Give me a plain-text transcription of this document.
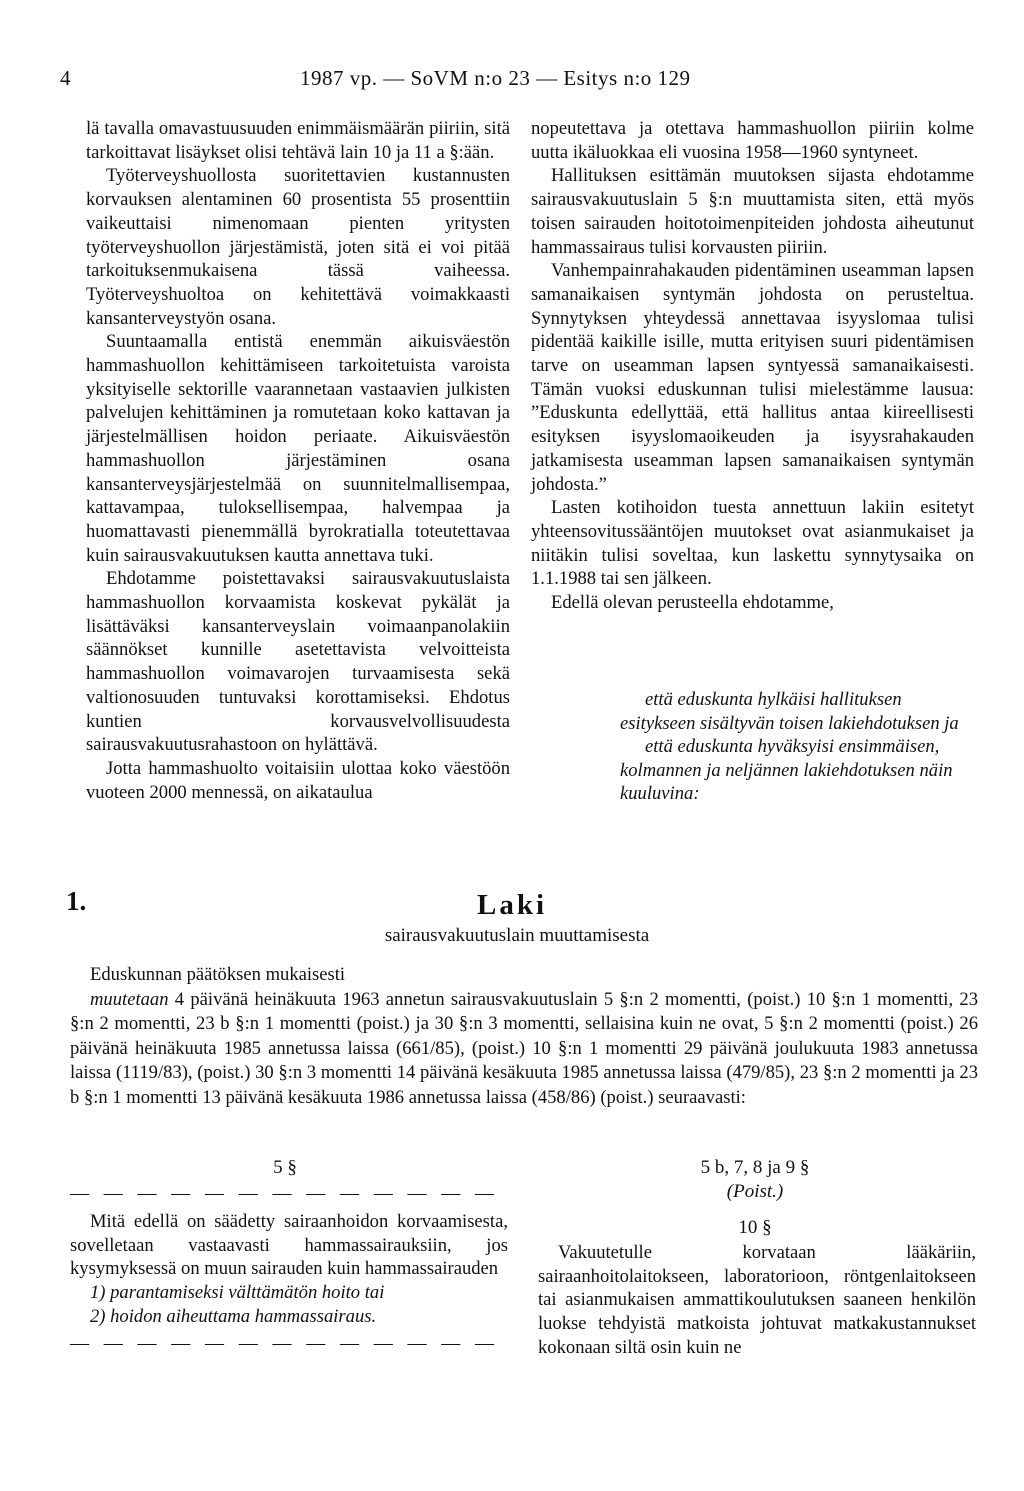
4	1987 vp. — SoVM n:o 23 — Esitys n:o 129

lä tavalla omavastuusuuden enimmäismäärän piiriin, sitä tarkoittavat lisäykset olisi tehtävä lain 10 ja 11 a §:ään.

Työterveyshuollosta suoritettavien kustannusten korvauksen alentaminen 60 prosentista 55 prosenttiin vaikeuttaisi nimenomaan pienten yritysten työterveyshuollon järjestämistä, joten sitä ei voi pitää tarkoituksenmukaisena tässä vaiheessa. Työterveyshuoltoa on kehitettävä voimakkaasti kansanterveystyön osana.

Suuntaamalla entistä enemmän aikuisväestön hammashuollon kehittämiseen tarkoitetuista varoista yksityiselle sektorille vaarannetaan vastaavien julkisten palvelujen kehittäminen ja romutetaan koko kattavan ja järjestelmällisen hoidon periaate. Aikuisväestön hammashuollon järjestäminen osana kansanterveysjärjestelmää on suunnitelmallisempaa, kattavampaa, tuloksellisempaa, halvempaa ja huomattavasti pienemmällä byrokratialla toteutettavaa kuin sairausvakuutuksen kautta annettava tuki.

Ehdotamme poistettavaksi sairausvakuutuslaista hammashuollon korvaamista koskevat pykälät ja lisättäväksi kansanterveyslain voimaanpanolakiin säännökset kunnille asetettavista velvoitteista hammashuollon voimavarojen turvaamisesta sekä valtionosuuden tuntuvaksi korottamiseksi. Ehdotus kuntien korvausvelvollisuudesta sairausvakuutusrahastoon on hylättävä.

Jotta hammashuolto voitaisiin ulottaa koko väestöön vuoteen 2000 mennessä, on aikataulua

nopeutettava ja otettava hammashuollon piiriin kolme uutta ikäluokkaa eli vuosina 1958—1960 syntyneet.

Hallituksen esittämän muutoksen sijasta ehdotamme sairausvakuutuslain 5 §:n muuttamista siten, että myös toisen sairauden hoitotoimenpiteiden johdosta aiheutunut hammassairaus tulisi korvausten piiriin.

Vanhempainrahakauden pidentäminen useamman lapsen samanaikaisen syntymän johdosta on perusteltua. Synnytyksen yhteydessä annettavaa isyyslomaa tulisi pidentää kaikille isille, mutta erityisen suuri pidentämisen tarve on useamman lapsen syntyessä samanaikaisesti. Tämän vuoksi eduskunnan tulisi mielestämme lausua: ”Eduskunta edellyttää, että hallitus antaa kiireellisesti esityksen isyyslomaoikeuden ja isyysrahakauden jatkamisesta useamman lapsen samanaikaisen syntymän johdosta.”

Lasten kotihoidon tuesta annettuun lakiin esitetyt yhteensovitussääntöjen muutokset ovat asianmukaiset ja niitäkin tulisi soveltaa, kun laskettu synnytysaika on 1.1.1988 tai sen jälkeen.

Edellä olevan perusteella ehdotamme,

että eduskunta hylkäisi hallituksen esitykseen sisältyvän toisen lakiehdotuksen ja

että eduskunta hyväksyisi ensimmäisen, kolmannen ja neljännen lakiehdotuksen näin kuuluvina:

1.	Laki
sairausvakuutuslain muuttamisesta

Eduskunnan päätöksen mukaisesti

muutetaan 4 päivänä heinäkuuta 1963 annetun sairausvakuutuslain 5 §:n 2 momentti, (poist.) 10 §:n 1 momentti, 23 §:n 2 momentti, 23 b §:n 1 momentti (poist.) ja 30 §:n 3 momentti, sellaisina kuin ne ovat, 5 §:n 2 momentti (poist.) 26 päivänä heinäkuuta 1985 annetussa laissa (661/85), (poist.) 10 §:n 1 momentti 29 päivänä joulukuuta 1983 annetussa laissa (1119/83), (poist.) 30 §:n 3 momentti 14 päivänä kesäkuuta 1985 annetussa laissa (479/85), 23 §:n 2 momentti ja 23 b §:n 1 momentti 13 päivänä kesäkuuta 1986 annetussa laissa (458/86) (poist.) seuraavasti:

5 §
— — — — — — — — — — — — —

Mitä edellä on säädetty sairaanhoidon korvaamisesta, sovelletaan vastaavasti hammassairauksiin, jos kysymyksessä on muun sairauden kuin hammassairauden

1) parantamiseksi välttämätön hoito tai

2) hoidon aiheuttama hammassairaus.

— — — — — — — — — — — — —
5 b, 7, 8 ja 9 §
(Poist.)
10 §

Vakuutetulle korvataan lääkäriin, sairaanhoitolaitokseen, laboratorioon, röntgenlaitokseen tai asianmukaisen ammattikoulutuksen saaneen henkilön luokse tehdyistä matkoista johtuvat matkakustannukset kokonaan siltä osin kuin ne
